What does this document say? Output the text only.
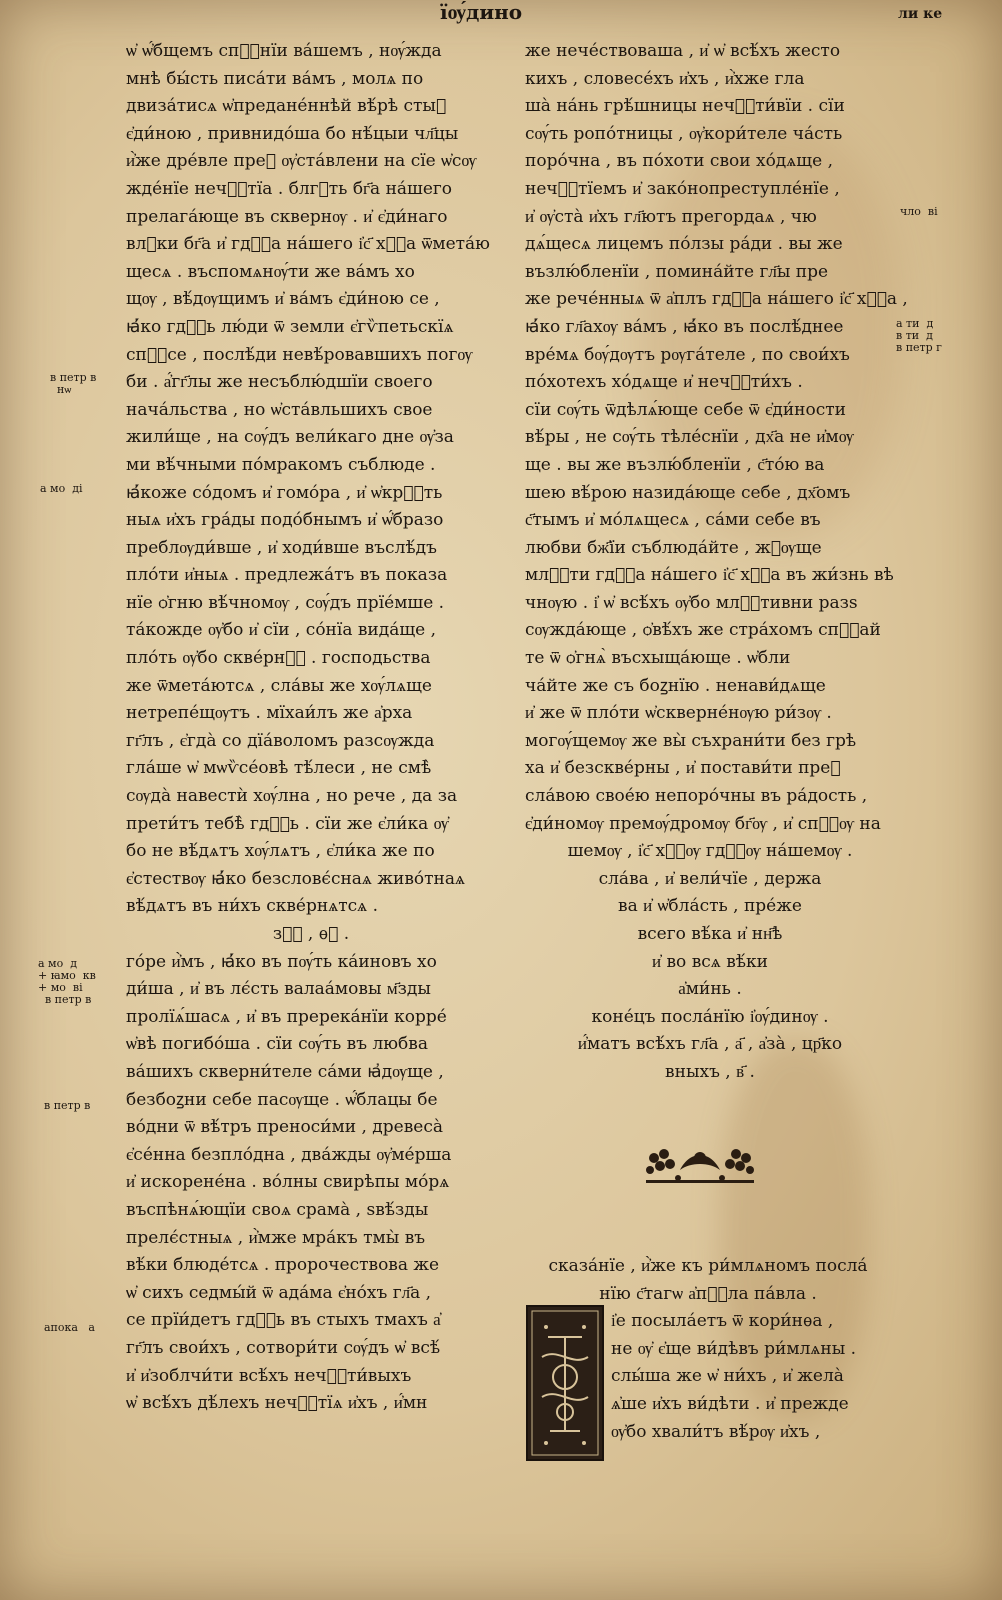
їѹ́дино	ли ке
ѡ҆ ѡ҆́бщемъ спⷭ҇нїи ва́шемъ , нѹ́жда
мнѣ бы́сть писа́ти ва́мъ , молѧ по
двиза́тисѧ ѡ҆предане́ннѣй вѣ́рѣ стыⷨ
є҆ди́ною , привнидо́ша бо нѣ́цыи чл҃цы
и҆̀же дре́вле преⷣ ѹ҆ста́влени на сїе ѡ҆сѹ
жде́нїе нечⷭ҇тїа . блгⷣть бг҃а на́шего
прелага́юще въ сквернѹ . и҆ є҆ди́наго
влⷣки бг҃а и҆ гдⷭ҇а на́шего і҆с҃ хⷭ҇а ѿмета́ю
щесѧ . въспомѧнѹ́ти же ва́мъ хо
щѹ , вѣ́дѹщимъ и҆ ва́мъ є҆ди́ною се ,
ꙗ҆́ко гдⷭ҇ь лю́ди ѿ земли є҆гѷпетьскїѧ
спⷭ҇се , послѣ́ди невѣ́ровавшихъ погѹ
би . а҆́гг҃лы же несъблю́дшїи своего
нача́льства , но ѡ҆ста́вльшихъ свое
жили́ще , на сѹ́дъ вели́каго дне ѹ҆за
ми вѣ́чными по́мракомъ съблюде .
ꙗ҆́коже со́домъ и҆ гомо́ра , и҆ ѡ҆крⷭ҇ть
ныѧ и҆хъ гра́ды подо́бнымъ и҆ ѡ҆́бразо
преблѹди́вше , и҆ ходи́вше въслѣ́дъ
пло́ти и҆ныѧ . предлежа́тъ въ показа
нїе ѻ҆гню вѣ́чномѹ , сѹ́дъ прїе́мше .
та́кожде ѹ҆бо и҆ сїи , со́нїа вида́ще ,
пло́ть ѹ҆бо скве́рнѧⷮ . господьства
же ѿмета́ютсѧ , сла́вы же хѹ́лѧще
нетрепе́щѹтъ . мїхаи́лъ же а҆рха
гг҃лъ , є҆гда̀ со дїа́воломъ разсѹжда
гла́ше ѡ҆ мѡѷсе́овѣ тѣ́леси , не смѣ̀
сѹда̀ навестѝ хѹ́лна , но рече , да за
прети́тъ тебѣ̀ гдⷭ҇ь . сїи же є҆ли́ка ѹ҆
бо не вѣ́дѧтъ хѹ́лѧтъ , є҆ли́ка же по
є҆стествѹ ꙗ҆́ко безсловє́снаѧ живо́тнаѧ
вѣ́дѧтъ въ ни́хъ скве́рнѧтсѧ .
зⷱ҇ , ѳⷩ .
го́ре и҆̀мъ , ꙗ҆́ко въ пѹ́ть ка́иновъ хо
ди́ша , и҆ въ лє́сть валаа́мовы м҃зды
пролїѧ́шасѧ , и҆ въ пререка́нїи корре́
ѡ҆вѣ погибо́ша . сїи сѹ́ть въ любва
ва́шихъ скверни́теле са́ми ꙗ҆дѹще ,
безбоꙁни себе пасѹще . ѡ҆́блацы бе
во́дни ѿ вѣ́тръ преноси́ми , древеса̀
є҆се́нна безпло́дна , два́жды ѹ҆ме́рша
и҆ искорене́на . во́лны свирѣпы мо́рѧ
въспѣнѧ́ющїи своѧ срама̀ , ѕвѣ́зды
прелє́стныѧ , и҆̀мже мра́къ тмы̀ въ
вѣ́ки блюде́тсѧ . пророчествова же
ѡ҆ сихъ седмы́й ѿ ада́ма є҆но́хъ гл҃а ,
се прїи́детъ гдⷭ҇ь въ стыхъ тмахъ а҆
гг҃лъ свои́хъ , сотвори́ти сѹ́дъ ѡ҆ всѣ́
и҆ и҆зоблчи́ти всѣ́хъ нечⷭ҇ти́выхъ
ѡ҆ всѣ́хъ дѣ́лехъ нечⷭ҇тїѧ и҆хъ , и҆́мн
же нече́ствоваша , и҆ ѡ҆ всѣ́хъ жесто
кихъ , словесе́хъ и҆хъ , и҆̀хже гла
ша̀ на́нь грѣ́шницы нечⷭ҇ти́вїи . сїи
сѹ́ть ропо́тницы , ѹ҆кори́теле ча́сть
поро́чна , въ по́хоти свои хо́дѧще ,
нечⷭ҇тїемъ и҆ зако́нопреступле́нїе ,
и҆ ѹ҆ста̀ и҆хъ гл҃ютъ прегордаѧ , чю
дѧ́щесѧ лицемъ по́лзы ра́ди . вы же
възлю́бленїи , помина́йте гл҃ы пре
же рече́нныѧ ѿ а҆плъ гдⷭ҇а на́шего і҆с҃ хⷭ҇а ,
ꙗ҆́ко гл҃ахѹ ва́мъ , ꙗ҆́ко въ послѣ́днее
вре́мѧ бѹ́дѹтъ рѹга́теле , по свои́хъ
по́хотехъ хо́дѧще и҆ нечⷭ҇ти́хъ .
сїи сѹ́ть ѿдѣлѧ́юще себе ѿ є҆ди́ности
вѣ́ры , не сѹ́ть тѣле́снїи , дх҃а не и҆мѹ
ще . вы же възлю́бленїи , с҃то́ю ва
шею вѣ́рою назида́юще себе , дх҃омъ
с҃тымъ и҆ мо́лѧщесѧ , са́ми себе въ
любви бж҃їи съблюда́йте , жⷣѹще
млⷭ҇ти гдⷭ҇а на́шего і҆с҃ хⷭ҇а въ жи́знь вѣ
чнѹю . і҆ ѡ҆ всѣ́хъ ѹ҆бо млⷭ҇тивни разѕ
сѹжда́юще , ѻ҆вѣ́хъ же стра́хомъ спⷭ҇ай
те ѿ ѻ҆гнѧ̀ въсхыща́юще . ѡ҆бли
ча́йте же съ боꙁнїю . ненави́дѧще
и҆ же ѿ пло́ти ѡ҆скверне́нѹю ри́зѹ .
могѹ́щемѹ же вы̀ съхрани́ти без грѣ
ха и҆ безскве́рны , и҆ постави́ти преⷣ
сла́вою свое́ю непоро́чны въ ра́дость ,
є҆ди́номѹ премѹ́дромѹ бг҃ѹ , и҆ спⷭ҇ѹ на
шемѹ , і҆с҃ хⷭ҇ѹ гдⷭ҇ѹ на́шемѹ .
сла́ва , и҆ вели́чїе , держа
ва и҆ ѡ҆бла́сть , пре́же
всего вѣ́ка и҆ нн҃ѣ
и҆ во всѧ вѣ́ки
а҆ми́нь .
коне́цъ посла́нїю і҆ѹ́динѹ .
и҆́матъ всѣ́хъ гл҃а , а҃ , а҆за̀ , цр҃ко
вныхъ , в҃ .
сказа́нїе , и҆̀же къ ри́млѧномъ посла́
нїю с҃тагѡ а҆пⷭ҇ла па́вла .
і҆е посыла́етъ ѿ кори́нѳа ,
не ѹ҆ є҆ще ви́дѣвъ ри́млѧны .
слы́ша же ѡ҆ ни́хъ , и҆ жела̀
ѧ҆ше и҆хъ ви́дѣти . и҆ прежде
ѹ҆бо хвали́тъ вѣ́рѹ и҆хъ ,
в петр в
нѡ
а мо  ді
а мо  д
+ ꙗмо  кв
+ мо  ві
в петр в
в петр в
апока   а
чло  ві
а ти  д
в ти  д
в петр г
